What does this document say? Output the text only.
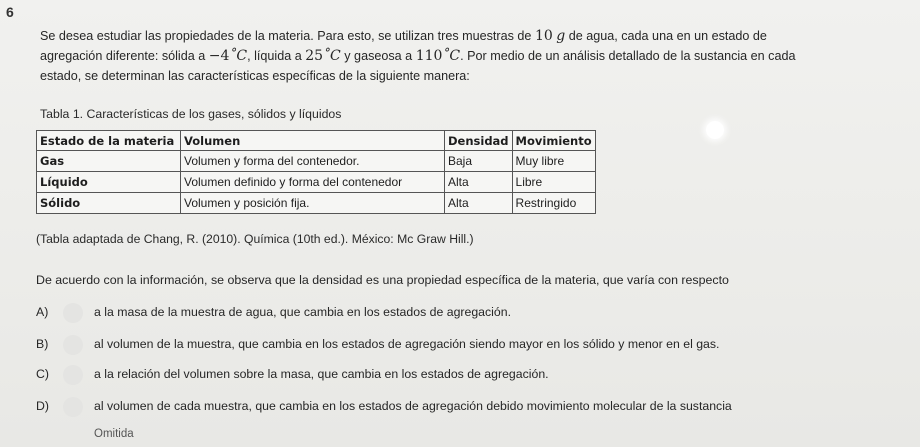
6
Se desea estudiar las propiedades de la materia. Para esto, se utilizan tres muestras de 10 g de agua, cada una en un estado de
agregación diferente: sólida a −4˚C, líquida a 25˚C y gaseosa a 110˚C. Por medio de un análisis detallado de la sustancia en cada
estado, se determinan las características específicas de la siguiente manera:
Tabla 1. Características de los gases, sólidos y líquidos
Estado de la materia	Volumen	Densidad	Movimiento
Gas	Volumen y forma del contenedor.	Baja	Muy libre
Líquido	Volumen definido y forma del contenedor	Alta	Libre
Sólido	Volumen y posición fija.	Alta	Restringido
(Tabla adaptada de Chang, R. (2010). Química (10th ed.). México: Mc Graw Hill.)
De acuerdo con la información, se observa que la densidad es una propiedad específica de la materia, que varía con respecto
A)	a la masa de la muestra de agua, que cambia en los estados de agregación.
B)	al volumen de la muestra, que cambia en los estados de agregación siendo mayor en los sólido y menor en el gas.
C)	a la relación del volumen sobre la masa, que cambia en los estados de agregación.
D)	al volumen de cada muestra, que cambia en los estados de agregación debido movimiento molecular de la sustancia
Omitida
